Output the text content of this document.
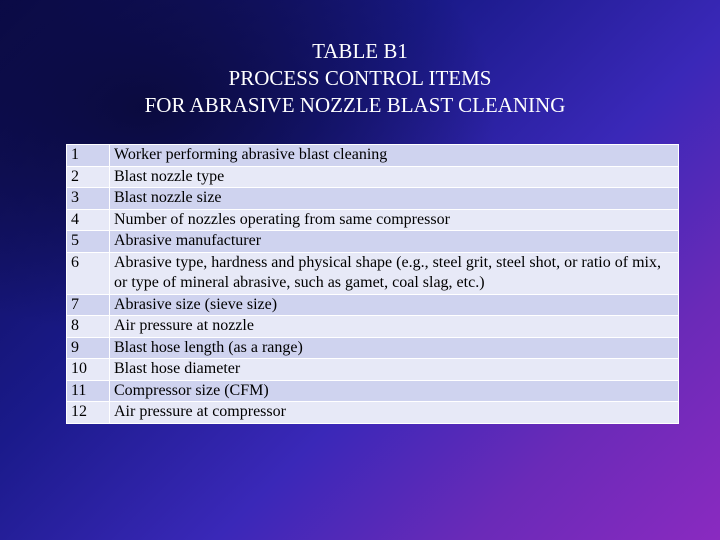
TABLE B1
PROCESS CONTROL ITEMS
FOR ABRASIVE NOZZLE BLAST CLEANING
1	Worker performing abrasive blast cleaning
2	Blast nozzle type
3	Blast nozzle size
4	Number of nozzles operating from same compressor
5	Abrasive manufacturer
6	Abrasive type, hardness and physical shape (e.g., steel grit, steel shot, or ratio of mix, or type of mineral abrasive, such as gamet, coal slag, etc.)
7	Abrasive size (sieve size)
8	Air pressure at nozzle
9	Blast hose length (as a range)
10	Blast hose diameter
11	Compressor size (CFM)
12	Air pressure at compressor
